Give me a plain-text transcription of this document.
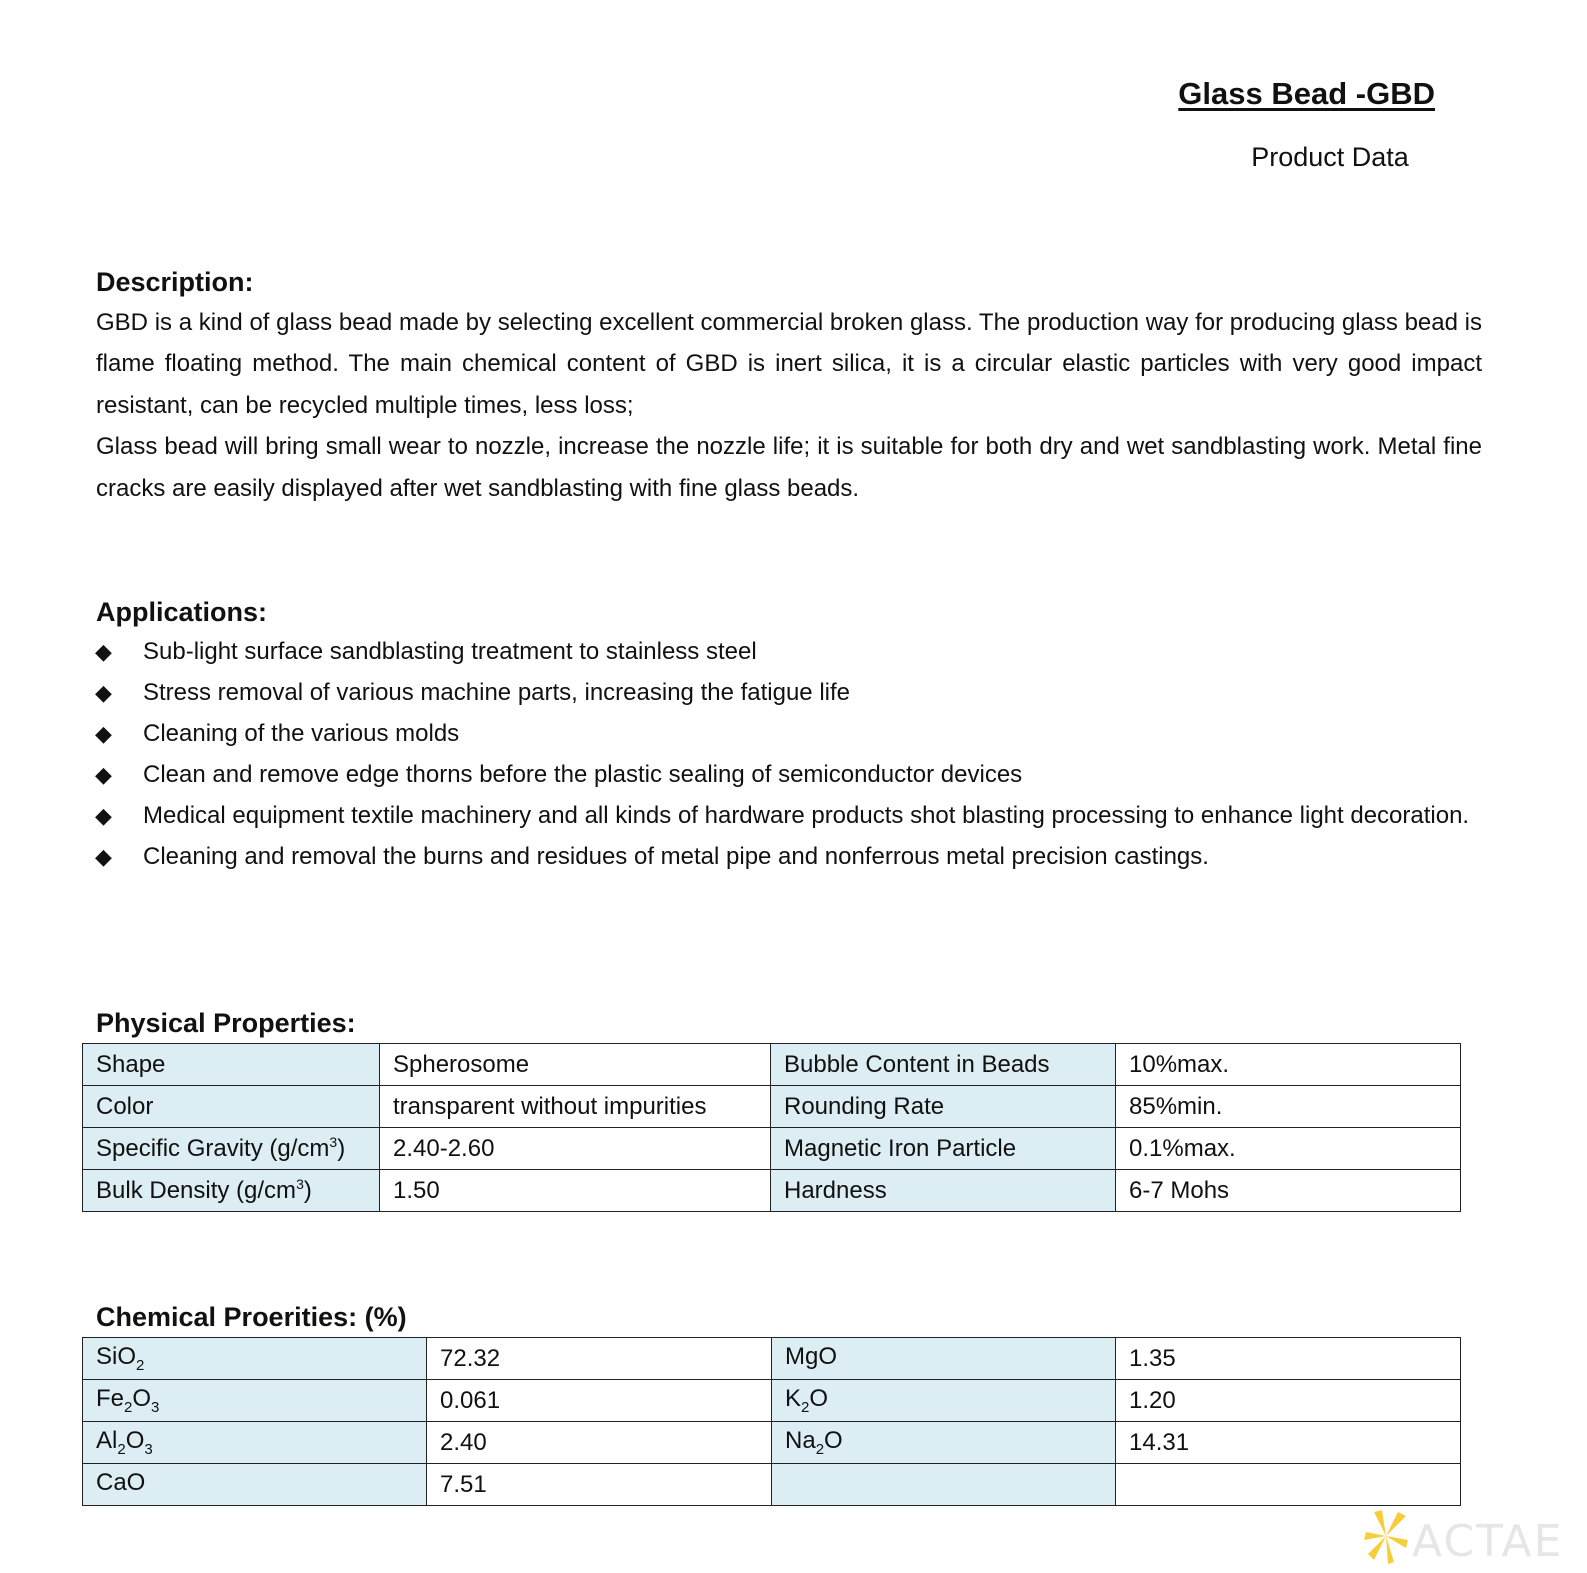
Glass Bead -GBD
Product Data
Description:

GBD is a kind of glass bead made by selecting excellent commercial broken glass. The production way for producing glass bead is flame floating method. The main chemical content of GBD is inert silica, it is a circular elastic particles with very good impact resistant, can be recycled multiple times, less loss;

Glass bead will bring small wear to nozzle, increase the nozzle life; it is suitable for both dry and wet sandblasting work. Metal fine cracks are easily displayed after wet sandblasting with fine glass beads.

Applications:
◆	Sub-light surface sandblasting treatment to stainless steel
◆	Stress removal of various machine parts, increasing the fatigue life
◆	Cleaning of the various molds
◆	Clean and remove edge thorns before the plastic sealing of semiconductor devices
◆	Medical equipment textile machinery and all kinds of hardware products shot blasting processing to enhance light decoration.
◆	Cleaning and removal the burns and residues of metal pipe and nonferrous metal precision castings.
Physical Properties:
Shape	Spherosome	Bubble Content in Beads	10%max.
Color	transparent without impurities	Rounding Rate	85%min.
Specific Gravity $(g/cm^3)$	2.40-2.60	Magnetic Iron Particle	0.1%max.
Bulk Density $(g/cm^3)$	1.50	Hardness	6-7 Mohs
Chemical Proerities: (%)
SiO$_2$	72.32	MgO	1.35
$Fe_2O_3$	0.061	$K_2O$	1.20
$Al_2O_3$	2.40	$Na_2O$	14.31
CaO	7.51		
ACTAE
